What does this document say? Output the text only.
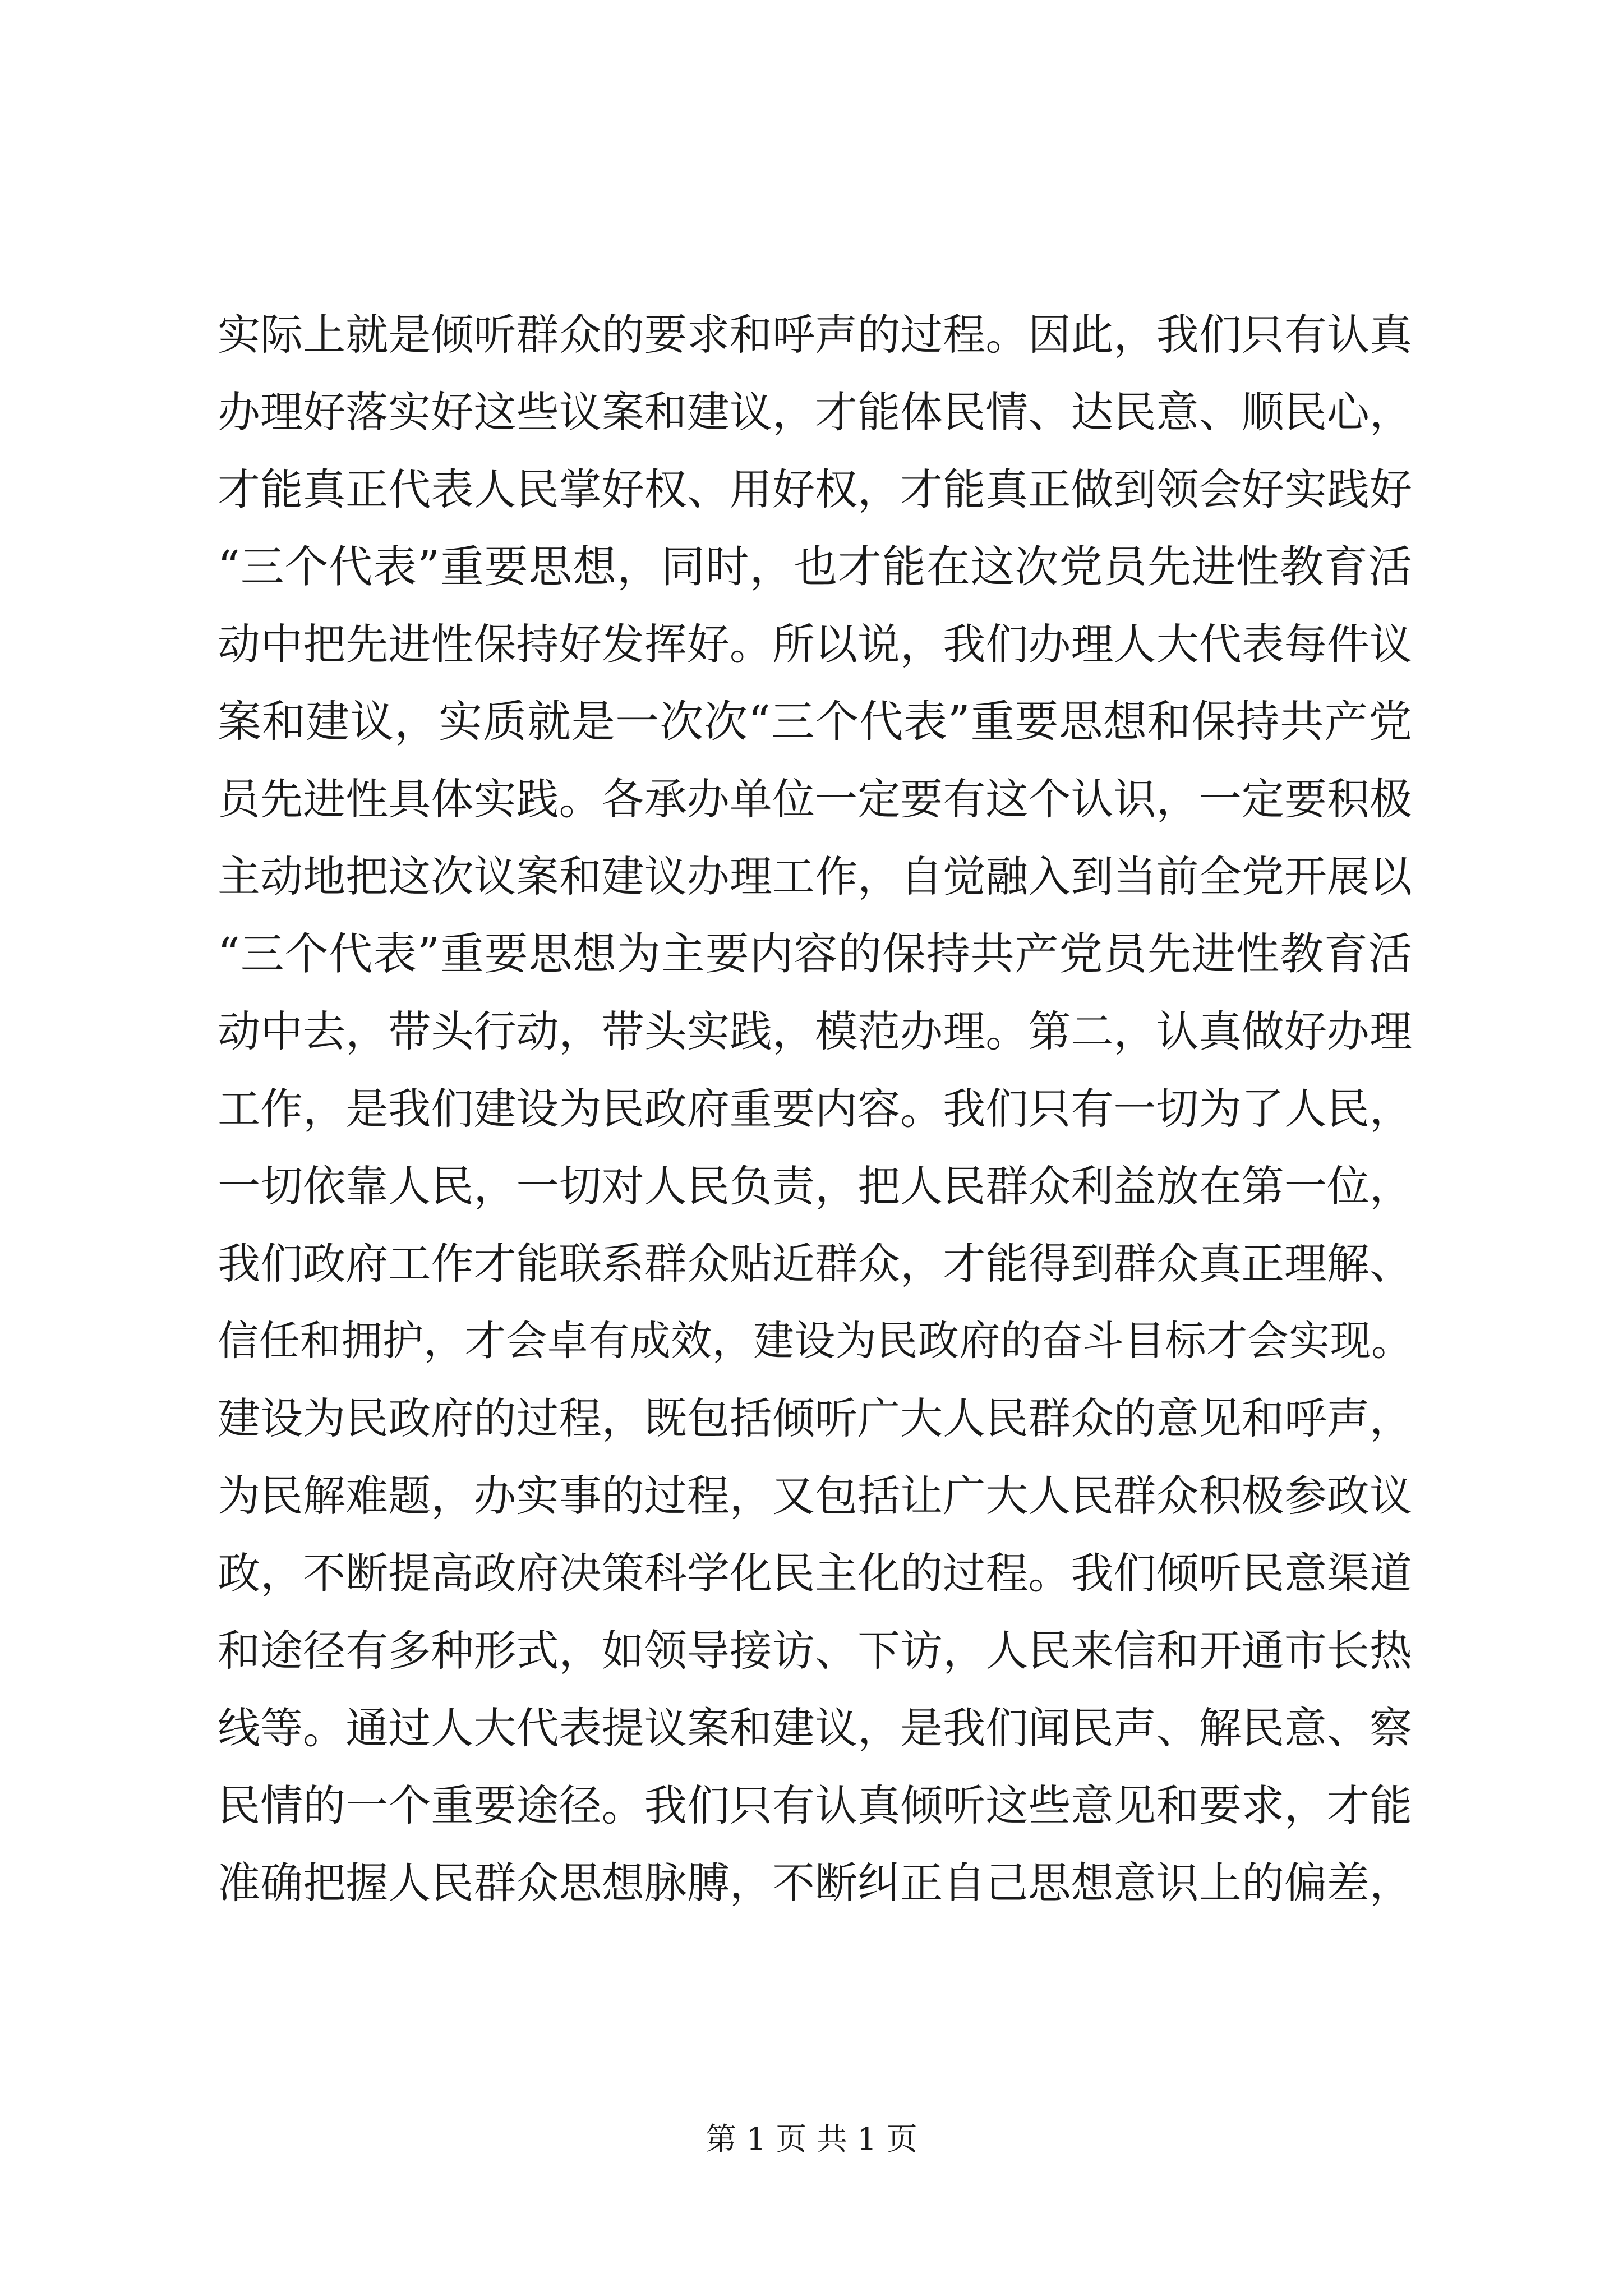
实际上就是倾听群众的要求和呼声的过程。因此，我们只有认真
办理好落实好这些议案和建议，才能体民情、达民意、顺民心，
才能真正代表人民掌好权、用好权，才能真正做到领会好实践好
“三个代表”重要思想，同时，也才能在这次党员先进性教育活
动中把先进性保持好发挥好。所以说，我们办理人大代表每件议
案和建议，实质就是一次次“三个代表”重要思想和保持共产党
员先进性具体实践。各承办单位一定要有这个认识，一定要积极
主动地把这次议案和建议办理工作，自觉融入到当前全党开展以
“三个代表”重要思想为主要内容的保持共产党员先进性教育活
动中去，带头行动，带头实践，模范办理。第二，认真做好办理
工作，是我们建设为民政府重要内容。我们只有一切为了人民，
一切依靠人民，一切对人民负责，把人民群众利益放在第一位，
我们政府工作才能联系群众贴近群众，才能得到群众真正理解、
信任和拥护，才会卓有成效，建设为民政府的奋斗目标才会实现。
建设为民政府的过程，既包括倾听广大人民群众的意见和呼声，
为民解难题，办实事的过程，又包括让广大人民群众积极参政议
政，不断提高政府决策科学化民主化的过程。我们倾听民意渠道
和途径有多种形式，如领导接访、下访，人民来信和开通市长热
线等。通过人大代表提议案和建议，是我们闻民声、解民意、察
民情的一个重要途径。我们只有认真倾听这些意见和要求，才能
准确把握人民群众思想脉膊，不断纠正自己思想意识上的偏差，
第 1 页 共 1 页
